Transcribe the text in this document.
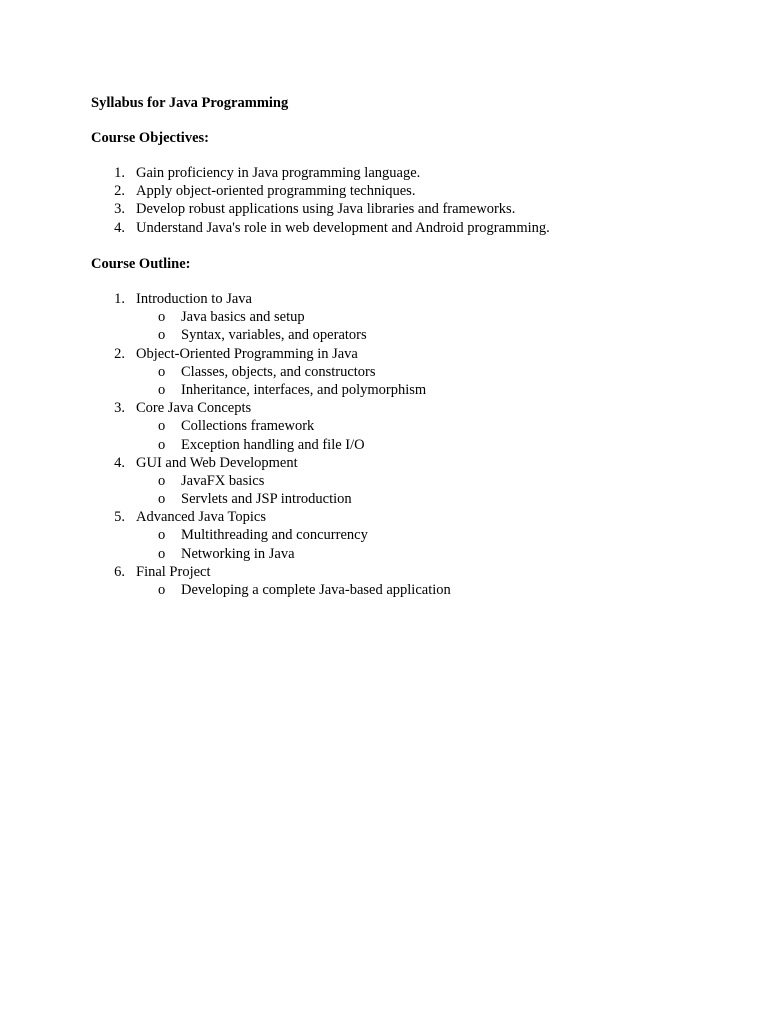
Syllabus for Java Programming
Course Objectives:
1. Gain proficiency in Java programming language.
2. Apply object-oriented programming techniques.
3. Develop robust applications using Java libraries and frameworks.
4. Understand Java's role in web development and Android programming.
Course Outline:
1. Introduction to Java
o Java basics and setup
o Syntax, variables, and operators
2. Object-Oriented Programming in Java
o Classes, objects, and constructors
o Inheritance, interfaces, and polymorphism
3. Core Java Concepts
o Collections framework
o Exception handling and file I/O
4. GUI and Web Development
o JavaFX basics
o Servlets and JSP introduction
5. Advanced Java Topics
o Multithreading and concurrency
o Networking in Java
6. Final Project
o Developing a complete Java-based application
